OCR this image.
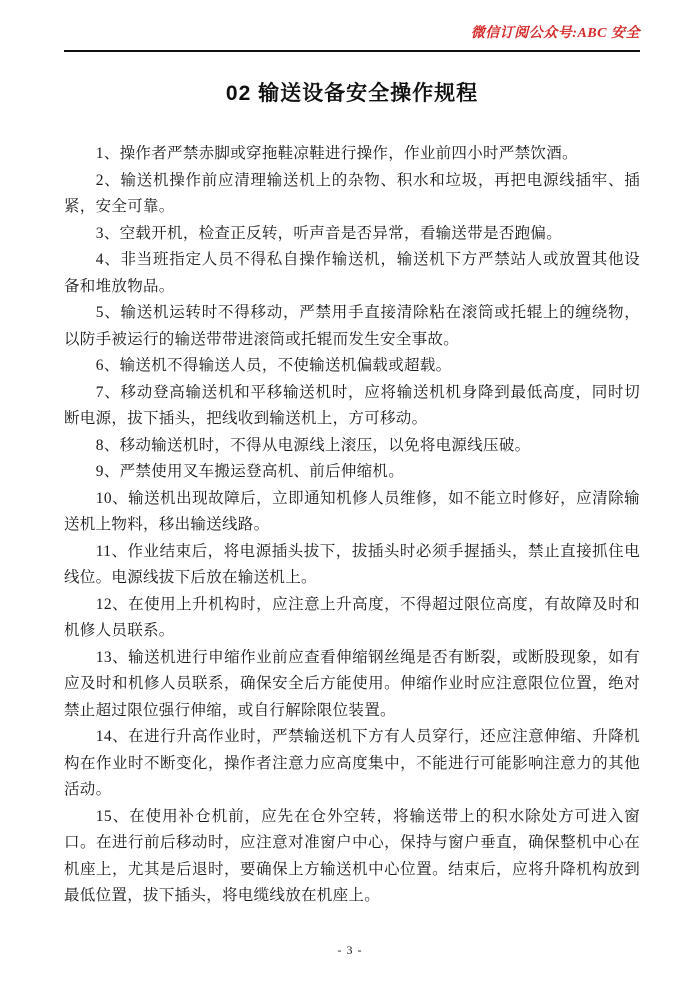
微信订阅公众号:ABC 安全
02 输送设备安全操作规程

1、操作者严禁赤脚或穿拖鞋凉鞋进行操作，作业前四小时严禁饮酒。

2、输送机操作前应清理输送机上的杂物、积水和垃圾，再把电源线插牢、插紧，安全可靠。

3、空载开机，检查正反转，听声音是否异常，看输送带是否跑偏。

4、非当班指定人员不得私自操作输送机，输送机下方严禁站人或放置其他设备和堆放物品。

5、输送机运转时不得移动，严禁用手直接清除粘在滚筒或托辊上的缠绕物，以防手被运行的输送带带进滚筒或托辊而发生安全事故。

6、输送机不得输送人员，不使输送机偏载或超载。

7、移动登高输送机和平移输送机时，应将输送机机身降到最低高度，同时切断电源，拔下插头，把线收到输送机上，方可移动。

8、移动输送机时，不得从电源线上滚压，以免将电源线压破。

9、严禁使用叉车搬运登高机、前后伸缩机。

10、输送机出现故障后，立即通知机修人员维修，如不能立时修好，应清除输送机上物料，移出输送线路。

11、作业结束后，将电源插头拔下，拔插头时必须手握插头，禁止直接抓住电线位。电源线拔下后放在输送机上。

12、在使用上升机构时，应注意上升高度，不得超过限位高度，有故障及时和机修人员联系。

13、输送机进行申缩作业前应查看伸缩钢丝绳是否有断裂，或断股现象，如有应及时和机修人员联系，确保安全后方能使用。伸缩作业时应注意限位位置，绝对禁止超过限位强行伸缩，或自行解除限位装置。

14、在进行升高作业时，严禁输送机下方有人员穿行，还应注意伸缩、升降机构在作业时不断变化，操作者注意力应高度集中，不能进行可能影响注意力的其他活动。

15、在使用补仓机前，应先在仓外空转，将输送带上的积水除处方可进入窗口。在进行前后移动时，应注意对准窗户中心，保持与窗户垂直，确保整机中心在机座上，尤其是后退时，要确保上方输送机中心位置。结束后，应将升降机构放到最低位置，拔下插头，将电缆线放在机座上。

- 3 -
